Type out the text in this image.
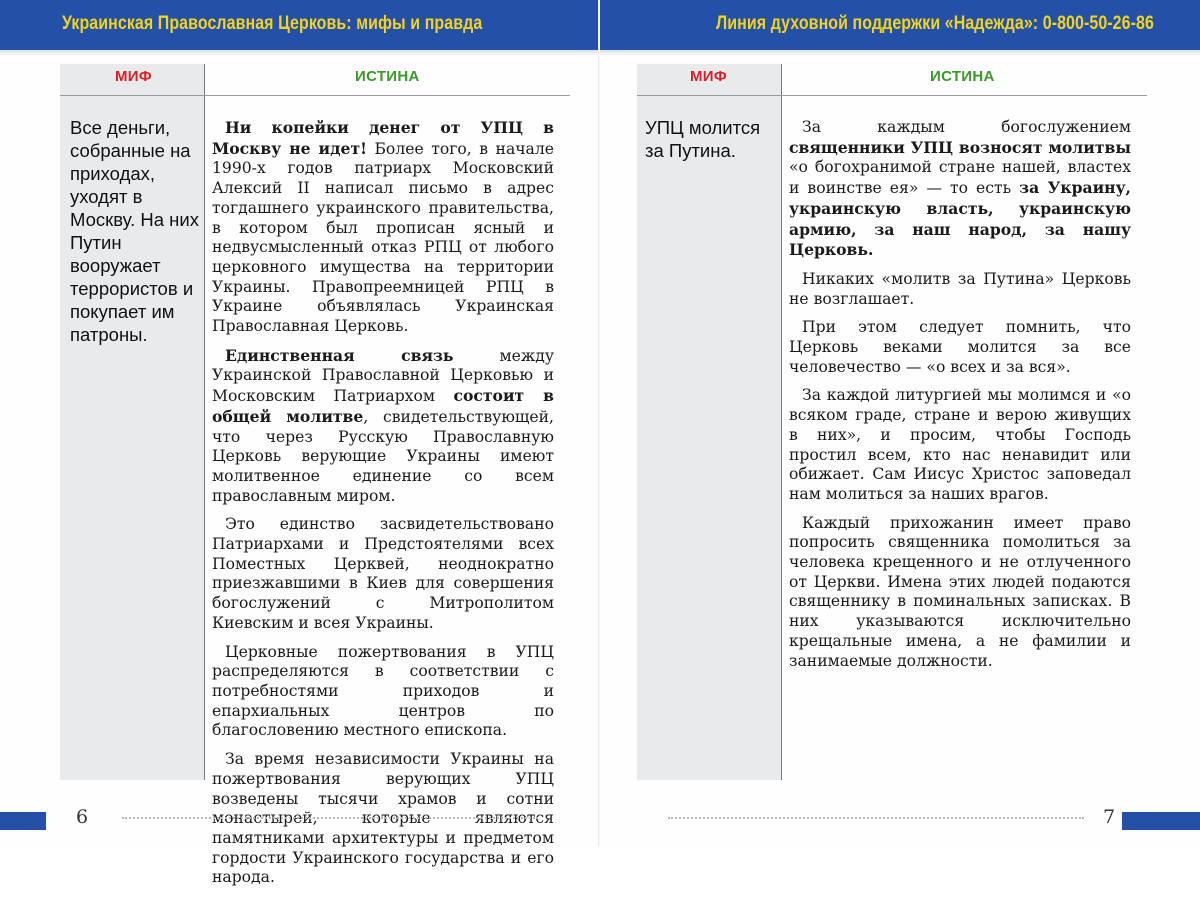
Украинская Православная Церковь: мифы и правда
МИФ	ИСТИНА

Все деньги, собранные на приходах, уходят в Москву. На них Путин вооружает террористов и покупает им патроны.

Ни копейки денег от УПЦ в Москву не идет! Более того, в начале 1990-х годов патриарх Московский Алексий II написал письмо в адрес тогдашнего украинского правительства, в котором был прописан ясный и недвусмысленный отказ РПЦ от любого церковного имущества на территории Украины. Правопреемницей РПЦ в Украине объявлялась Украинская Православная Церковь.

Единственная связь между Украинской Православной Церковью и Московским Патриархом состоит в общей молитве, свидетельствующей, что через Русскую Православную Церковь верующие Украины имеют молитвенное единение со всем православным миром.

Это единство засвидетельствовано Патриархами и Предстоятелями всех Поместных Церквей, неоднократно приезжавшими в Киев для совершения богослужений с Митрополитом Киевским и всея Украины.

Церковные пожертвования в УПЦ распределяются в соответствии с потребностями приходов и епархиальных центров по благословению местного епископа.

За время независимости Украины на пожертвования верующих УПЦ возведены тысячи храмов и сотни монастырей, которые являются памятниками архитектуры и предметом гордости Украинского государства и его народа.

6
Линия духовной поддержки «Надежда»: 0-800-50-26-86
МИФ	ИСТИНА

УПЦ молится за Путина.

За каждым богослужением священники УПЦ возносят молитвы «о богохранимой стране нашей, властех и воинстве ея» — то есть за Украину, украинскую власть, украинскую армию, за наш народ, за нашу Церковь.

Никаких «молитв за Путина» Церковь не возглашает.

При этом следует помнить, что Церковь веками молится за все человечество — «о всех и за вся».

За каждой литургией мы молимся и «о всяком граде, стране и верою живущих в них», и просим, чтобы Господь простил всем, кто нас ненавидит или обижает. Сам Иисус Христос заповедал нам молиться за наших врагов.

Каждый прихожанин имеет право попросить священника помолиться за человека крещенного и не отлученного от Церкви. Имена этих людей подаются священнику в поминальных записках. В них указываются исключительно крещальные имена, а не фамилии и занимаемые должности.

7
